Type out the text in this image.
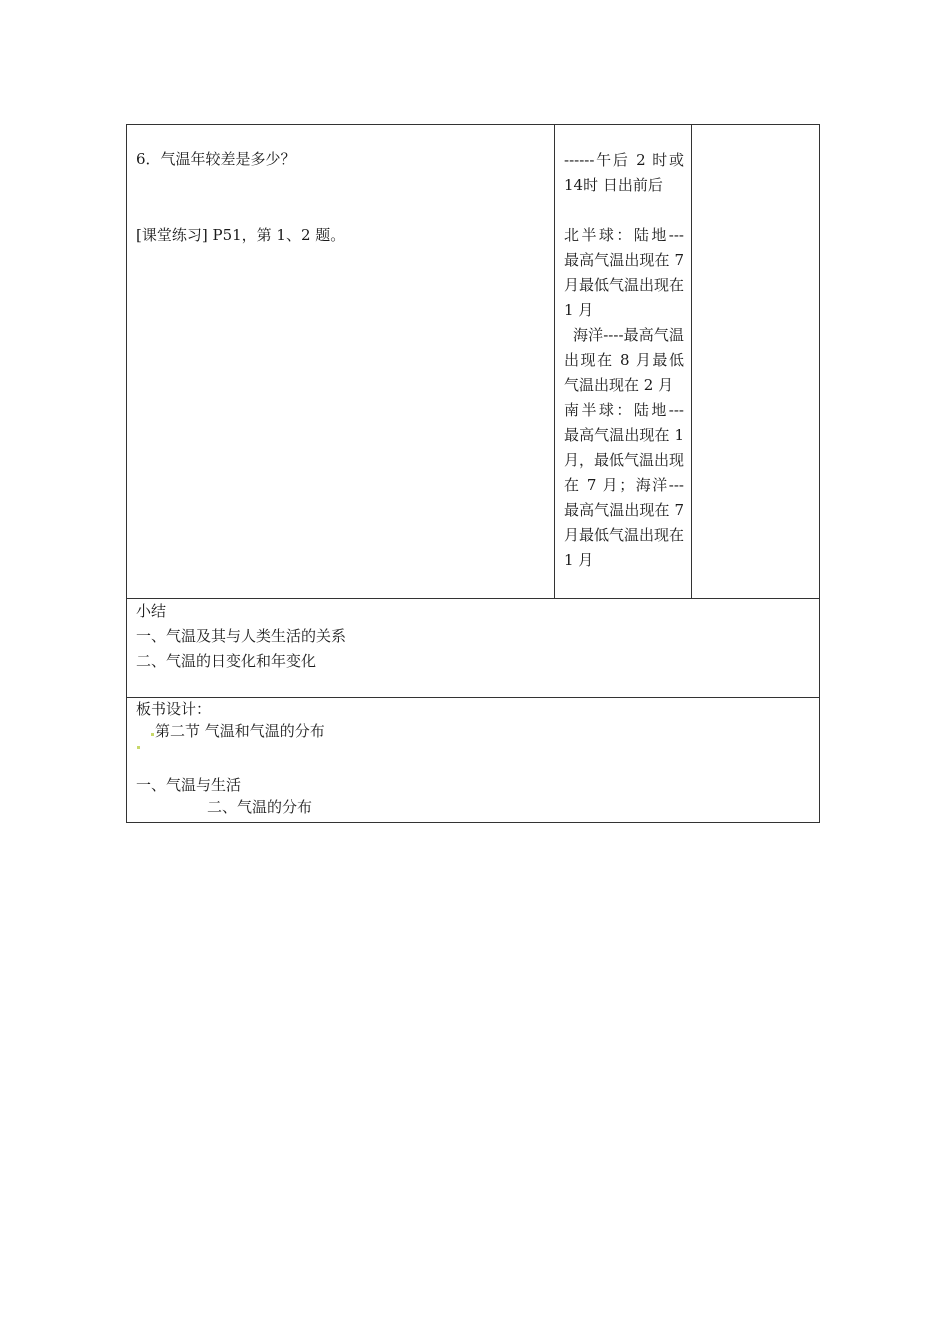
6．气温年较差是多少？
[课堂练习] P51，第 1、2 题。

------午后 2 时或 14时 日出前后
北半球：陆地---最高气温出现在 7 月最低气温出现在 1 月
海洋----最高气温出现在 8 月最低气温出现在 2 月
南半球：陆地---最高气温出现在 1 月，最低气温出现在 7 月；海洋---最高气温出现在 7 月最低气温出现在 1 月

小结
一、气温及其与人类生活的关系
二、气温的日变化和年变化

板书设计：
第二节 气温和气温的分布
一、气温与生活
二、气温的分布
